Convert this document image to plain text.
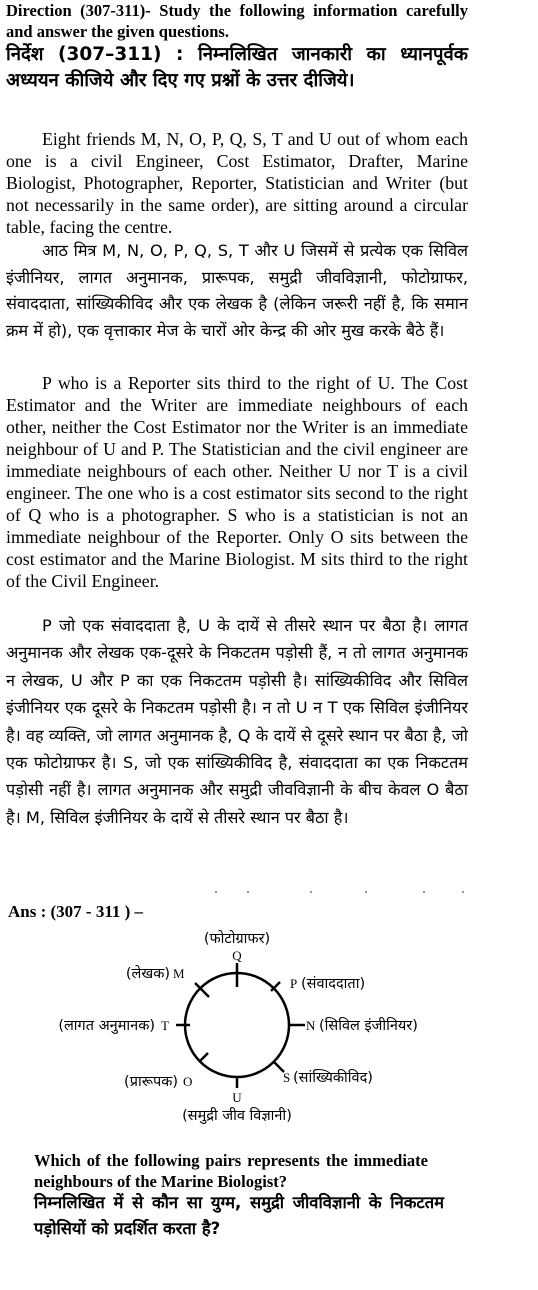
Direction (307-311)- Study the following information carefully and answer the given questions.

निर्देश (307–311) : निम्नलिखित जानकारी का ध्यानपूर्वक अध्ययन कीजिये और दिए गए प्रश्नों के उत्तर दीजिये।

Eight friends M, N, O, P, Q, S, T and U out of whom each one is a civil Engineer, Cost Estimator, Drafter, Marine Biologist, Photographer, Reporter, Statistician and Writer (but not necessarily in the same order), are sitting around a circular table, facing the centre.

आठ मित्र M, N, O, P, Q, S, T और U जिसमें से प्रत्येक एक सिविल इंजीनियर, लागत अनुमानक, प्रारूपक, समुद्री जीवविज्ञानी, फोटोग्राफर, संवाददाता, सांख्यिकीविद और एक लेखक है (लेकिन जरूरी नहीं है, कि समान क्रम में हो), एक वृत्ताकार मेज के चारों ओर केन्द्र की ओर मुख करके बैठे हैं।

P who is a Reporter sits third to the right of U. The Cost Estimator and the Writer are immediate neighbours of each other, neither the Cost Estimator nor the Writer is an immediate neighbour of U and P. The Statistician and the civil engineer are immediate neighbours of each other. Neither U nor T is a civil engineer. The one who is a cost estimator sits second to the right of Q who is a photographer. S who is a statistician is not an immediate neighbour of the Reporter. Only O sits between the cost estimator and the Marine Biologist. M sits third to the right of the Civil Engineer.

P जो एक संवाददाता है, U के दायें से तीसरे स्थान पर बैठा है। लागत अनुमानक और लेखक एक-दूसरे के निकटतम पड़ोसी हैं, न तो लागत अनुमानक न लेखक, U और P का एक निकटतम पड़ोसी है। सांख्यिकीविद और सिविल इंजीनियर एक दूसरे के निकटतम पड़ोसी है। न तो U न T एक सिविल इंजीनियर है। वह व्यक्ति, जो लागत अनुमानक है, Q के दायें से दूसरे स्थान पर बैठा है, जो एक फोटोग्राफर है। S, जो एक सांख्यिकीविद है, संवाददाता का एक निकटतम पड़ोसी नहीं है। लागत अनुमानक और समुद्री जीवविज्ञानी के बीच केवल O बैठा है। M, सिविल इंजीनियर के दायें से तीसरे स्थान पर बैठा है।

Ans : (307 - 311 ) –
(फोटोग्राफर)
Q
P (संवाददाता)
N (सिविल इंजीनियर)
S (सांख्यिकीविद)
U
(समुद्री जीव विज्ञानी)
(प्रारूपक) O
(लागत अनुमानक) T
(लेखक) M

Which of the following pairs represents the immediate neighbours of the Marine Biologist?

निम्नलिखित में से कौन सा युग्म, समुद्री जीवविज्ञानी के निकटतम पड़ोसियों को प्रदर्शित करता है?
